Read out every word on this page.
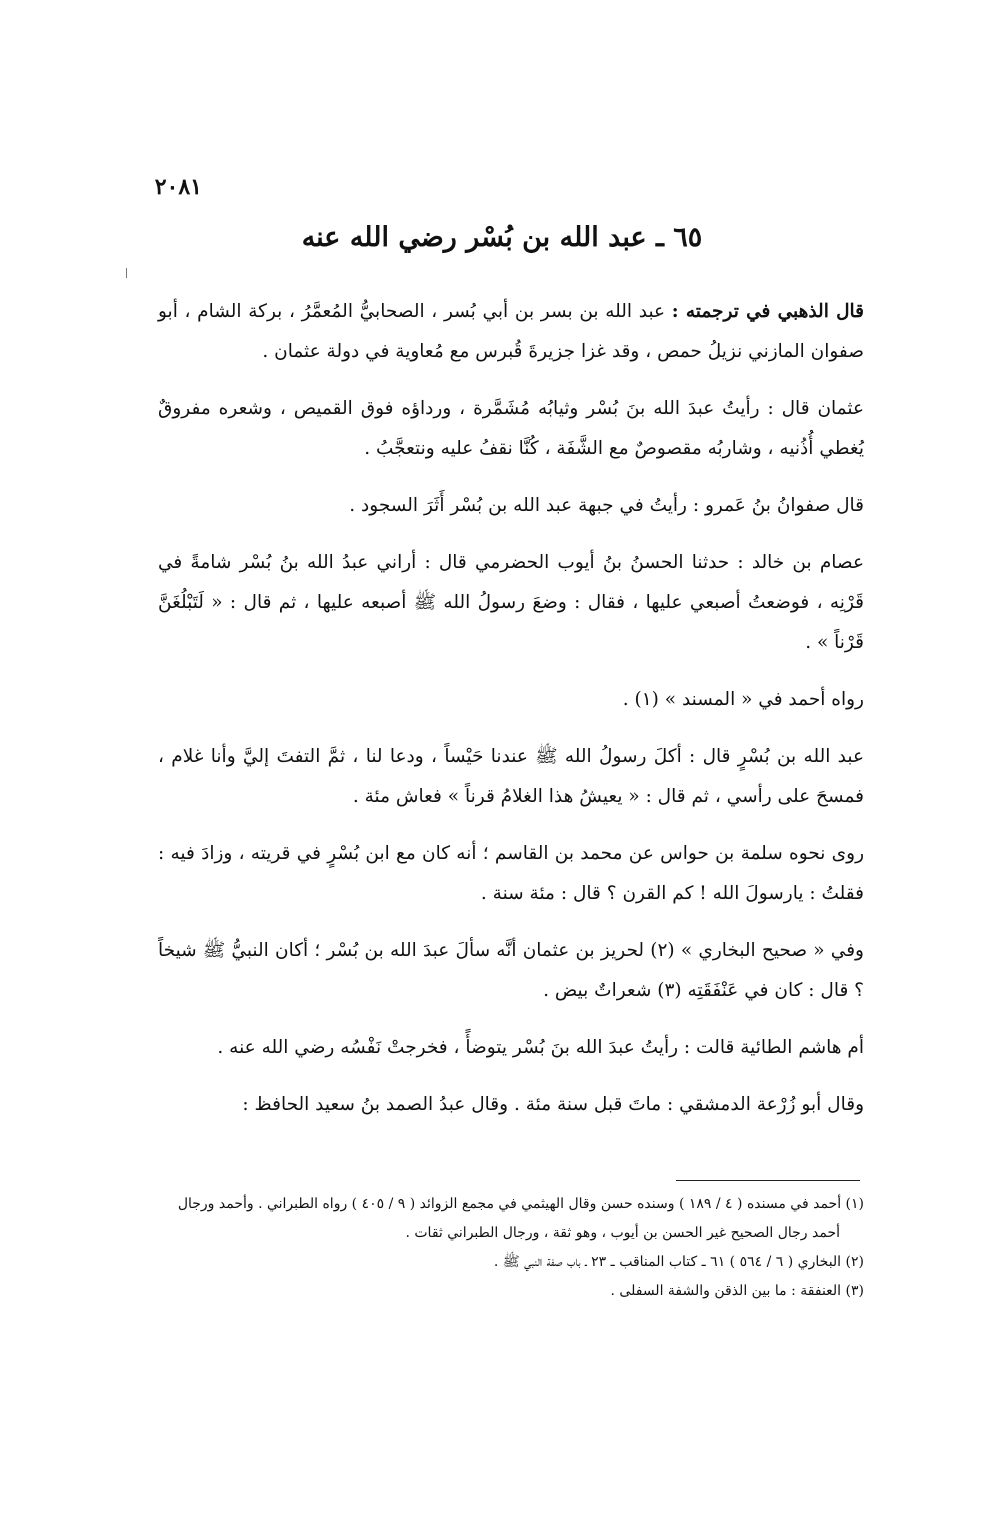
٢٠٨١
٦٥ ـ عبد الله بن بُسْر رضي الله عنه

قال الذهبي في ترجمته : عبد الله بن بسر بن أبي بُسر ، الصحابيُّ المُعمَّرُ ، بركة الشام ، أبو صفوان المازني نزيلُ حمص ، وقد غزا جزيرةَ قُبرس مع مُعاوية في دولة عثمان .

عثمان قال : رأيتُ عبدَ الله بنَ بُسْر وثيابُه مُشَمَّرة ، ورداؤه فوق القميص ، وشعره مفروقٌ يُغطي أُذُنيه ، وشاربُه مقصوصٌ مع الشَّفَة ، كُنَّا نقفُ عليه ونتعجَّبُ .

قال صفوانُ بنُ عَمرو : رأيتُ في جبهة عبد الله بن بُسْر أَثَرَ السجود .

عصام بن خالد : حدثنا الحسنُ بنُ أيوب الحضرمي قال : أراني عبدُ الله بنُ بُسْر شامةً في قَرْنِه ، فوضعتُ أصبعي عليها ، فقال : وضعَ رسولُ الله ﷺ أصبعه عليها ، ثم قال : « لَتَبْلُغَنَّ قَرْناً » .

رواه أحمد في « المسند » (١) .

عبد الله بن بُسْرٍ قال : أكلَ رسولُ الله ﷺ عندنا حَيْساً ، ودعا لنا ، ثمَّ التفتَ إليَّ وأنا غلام ، فمسحَ على رأسي ، ثم قال : « يعيشُ هذا الغلامُ قرناً » فعاش مئة .

روى نحوه سلمة بن حواس عن محمد بن القاسم ؛ أنه كان مع ابن بُسْرٍ في قريته ، وزادَ فيه : فقلتُ : يارسولَ الله ! كم القرن ؟ قال : مئة سنة .

وفي « صحيح البخاري » (٢) لحريز بن عثمان أنَّه سألَ عبدَ الله بن بُسْر ؛ أكان النبيُّ ﷺ شيخاً ؟ قال : كان في عَنْفَقَتِه (٣) شعراتٌ بيض .

أم هاشم الطائية قالت : رأيتُ عبدَ الله بنَ بُسْر يتوضأً ، فخرجتْ نَفْسُه رضي الله عنه .

وقال أبو زُرْعة الدمشقي : ماتَ قبل سنة مئة . وقال عبدُ الصمد بنُ سعيد الحافظ :

(١) أحمد في مسنده ( ٤ / ١٨٩ ) وسنده حسن وقال الهيثمي في مجمع الزوائد ( ٩ / ٤٠٥ ) رواه الطبراني . وأحمد ورجال

أحمد رجال الصحيح غير الحسن بن أيوب ، وهو ثقة ، ورجال الطبراني ثقات .

(٢) البخاري ( ٦ / ٥٦٤ ) ٦١ ـ كتاب المناقب ـ ٢٣ ـ باب صفة النبي ﷺ .

(٣) العنفقة : ما بين الذقن والشفة السفلى .
